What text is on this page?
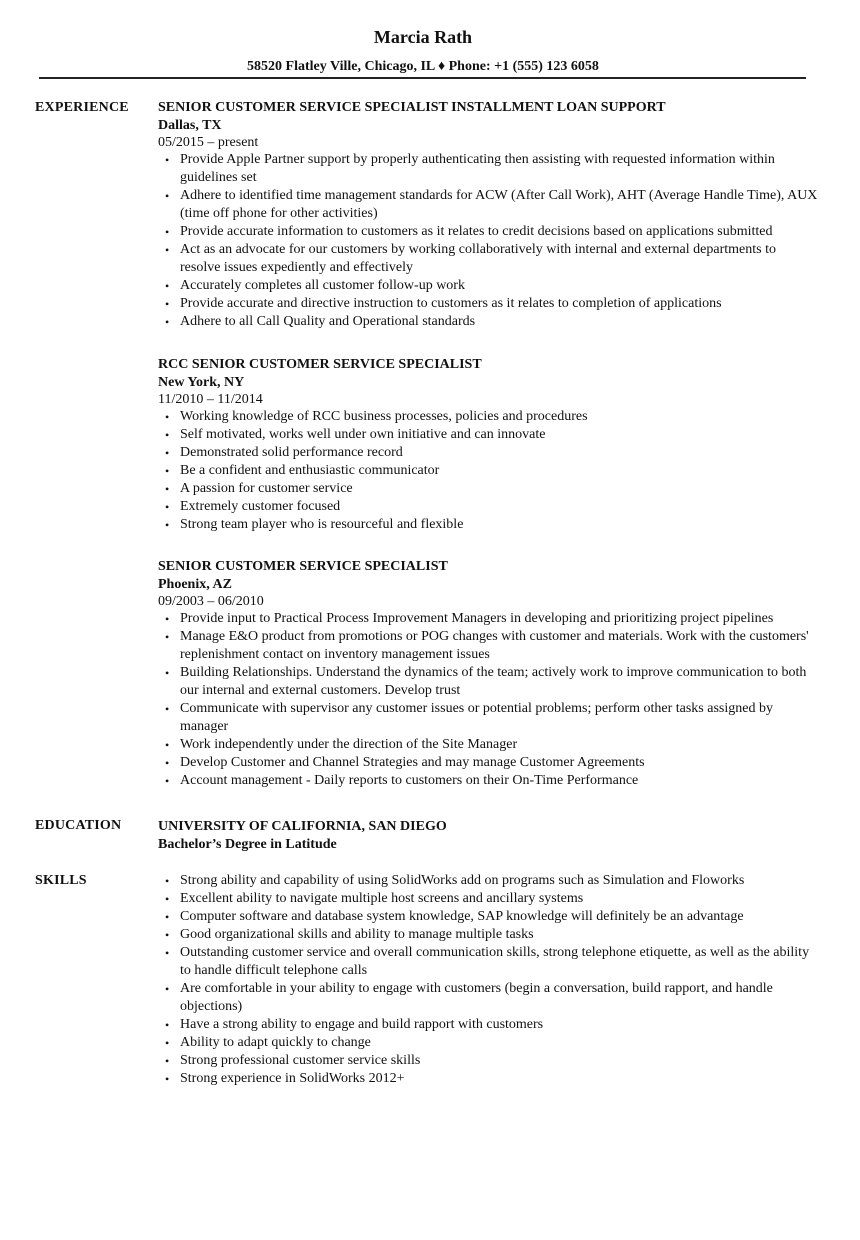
Marcia Rath
58520 Flatley Ville, Chicago, IL ♦ Phone: +1 (555) 123 6058
EXPERIENCE SENIOR CUSTOMER SERVICE SPECIALIST INSTALLMENT LOAN SUPPORT

Dallas, TX

05/2015 – present

• Provide Apple Partner support by properly authenticating then assisting with requested information within guidelines set
• Adhere to identified time management standards for ACW (After Call Work), AHT (Average Handle Time), AUX (time off phone for other activities)
• Provide accurate information to customers as it relates to credit decisions based on applications submitted
• Act as an advocate for our customers by working collaboratively with internal and external departments to resolve issues expediently and effectively
• Accurately completes all customer follow-up work
• Provide accurate and directive instruction to customers as it relates to completion of applications
• Adhere to all Call Quality and Operational standards

RCC SENIOR CUSTOMER SERVICE SPECIALIST

New York, NY

11/2010 – 11/2014

• Working knowledge of RCC business processes, policies and procedures
• Self motivated, works well under own initiative and can innovate
• Demonstrated solid performance record
• Be a confident and enthusiastic communicator
• A passion for customer service
• Extremely customer focused
• Strong team player who is resourceful and flexible

SENIOR CUSTOMER SERVICE SPECIALIST

Phoenix, AZ

09/2003 – 06/2010

• Provide input to Practical Process Improvement Managers in developing and prioritizing project pipelines
• Manage E&O product from promotions or POG changes with customer and materials. Work with the customers' replenishment contact on inventory management issues
• Building Relationships. Understand the dynamics of the team; actively work to improve communication to both our internal and external customers. Develop trust
• Communicate with supervisor any customer issues or potential problems; perform other tasks assigned by manager
• Work independently under the direction of the Site Manager
• Develop Customer and Channel Strategies and may manage Customer Agreements
• Account management - Daily reports to customers on their On-Time Performance
EDUCATION	UNIVERSITY OF CALIFORNIA, SAN DIEGO

Bachelor’s Degree in Latitude

SKILLS	• Strong ability and capability of using SolidWorks add on programs such as Simulation and Floworks
• Excellent ability to navigate multiple host screens and ancillary systems
• Computer software and database system knowledge, SAP knowledge will definitely be an advantage
• Good organizational skills and ability to manage multiple tasks
• Outstanding customer service and overall communication skills, strong telephone etiquette, as well as the ability to handle difficult telephone calls
• Are comfortable in your ability to engage with customers (begin a conversation, build rapport, and handle objections)
• Have a strong ability to engage and build rapport with customers
• Ability to adapt quickly to change
• Strong professional customer service skills
• Strong experience in SolidWorks 2012+
